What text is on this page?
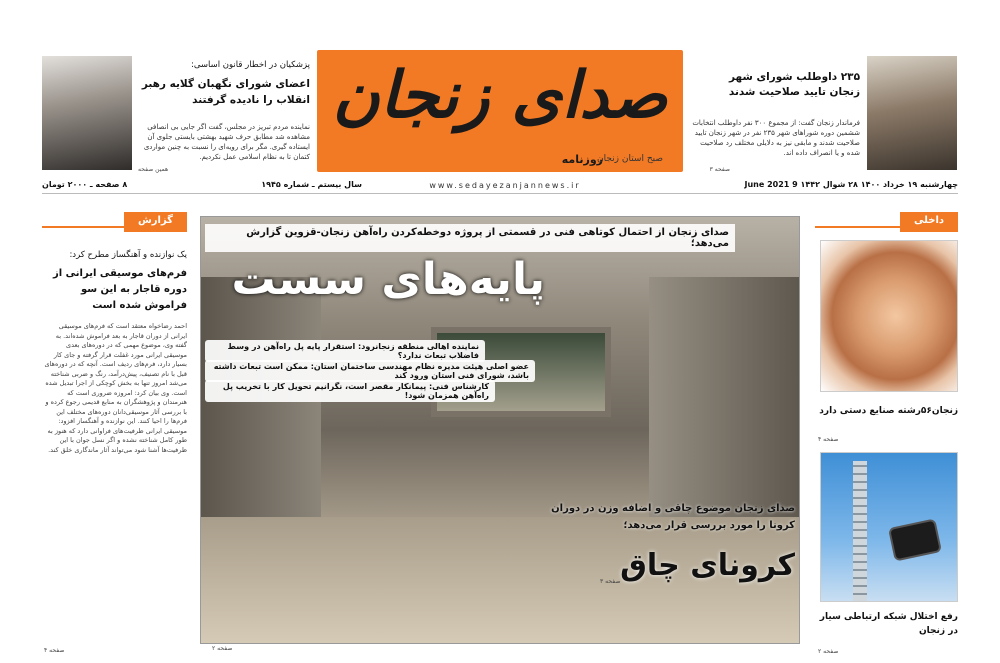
صدای زنجان
روزنامه
صبح استان زنجان
www.sedayezanjannews.ir
۲۳۵ داوطلب شورای شهر زنجان تایید صلاحیت شدند
فرماندار زنجان گفت: از مجموع ۳۰۰ نفر داوطلب انتخابات ششمین دوره شوراهای شهر ۲۳۵ نفر در شهر زنجان تایید صلاحیت شدند و مابقی نیز به دلایلی مختلف رد صلاحیت شده و یا انصراف داده اند.
صفحه ۳
پزشکیان در اخطار قانون اساسی:
اعضای شورای نگهبان گلایه رهبر انقلاب را نادیده گرفتند
نماینده مردم تبریز در مجلس، گفت اگر جایی بی انصافی مشاهده شد مطابق حرف شهید بهشتی بایستی جلوی آن ایستاده گیری. مگر برای رویه‌ای را نسبت به چنین مواردی کتمان تا به نظام اسلامی عمل نکردیم.
همین صفحه
چهارشنبه ۱۹ خرداد ۱۴۰۰ ۲۸ شوال ۱۴۴۲ 9 June 2021
سال بیستم ـ شماره ۱۹۴۵
۸ صفحه ـ ۲۰۰۰ تومان
گزارش
یک نوازنده و آهنگساز مطرح کرد:
فرم‌های موسیقی ایرانی از دوره قاجار به این سو فراموش شده است
احمد رضاخواه معتقد است که فرم‌های موسیقی ایرانی از دوران قاجار به بعد فراموش شده‌اند. به گفته وی، موضوع مهمی که در دوره‌های بعدی موسیقی ایرانی مورد غفلت قرار گرفته و جای کار بسیار دارد، فرم‌های ردیف است. آنچه که در دوره‌های قبل با نام تصنیف، پیش‌درآمد، رنگ و ضربی شناخته می‌شد امروز تنها به بخش کوچکی از اجرا تبدیل شده است. وی بیان کرد: امروزه ضروری است که هنرمندان و پژوهشگران به منابع قدیمی رجوع کرده و با بررسی آثار موسیقی‌دانان دوره‌های مختلف این فرم‌ها را احیا کنند. این نوازنده و آهنگساز افزود: موسیقی ایرانی ظرفیت‌های فراوانی دارد که هنوز به طور کامل شناخته نشده و اگر نسل جوان با این ظرفیت‌ها آشنا شود می‌تواند آثار ماندگاری خلق کند.
صفحه ۴
داخلی
زنجان۵۶رشته صنایع دستی دارد
صفحه ۴
رفع اختلال شبکه ارتباطی سیار در زنجان
صفحه ۲
صدای زنجان از احتمال کوتاهی فنی در قسمتی از پروژه دوخطه‌کردن راه‌آهن زنجان-قزوین گزارش می‌دهد؛
پایه‌های سست
نماینده اهالی منطقه زنجانرود: استقرار پایه پل راه‌آهن در وسط فاضلاب تبعات ندارد؟
عضو اصلی هیئت مدیره نظام مهندسی ساختمان استان: ممکن است تبعات داشته باشد، شورای فنی استان ورود کند
کارشناس فنی: پیمانکار مقصر است، نگرانیم تحویل کار با تخریب پل راه‌آهن همزمان شود!
صدای زنجان موضوع چاقی و اضافه وزن در دوران کرونا را مورد بررسی قرار می‌دهد؛
کرونای چاق
صفحه ۳
صفحه ۲
